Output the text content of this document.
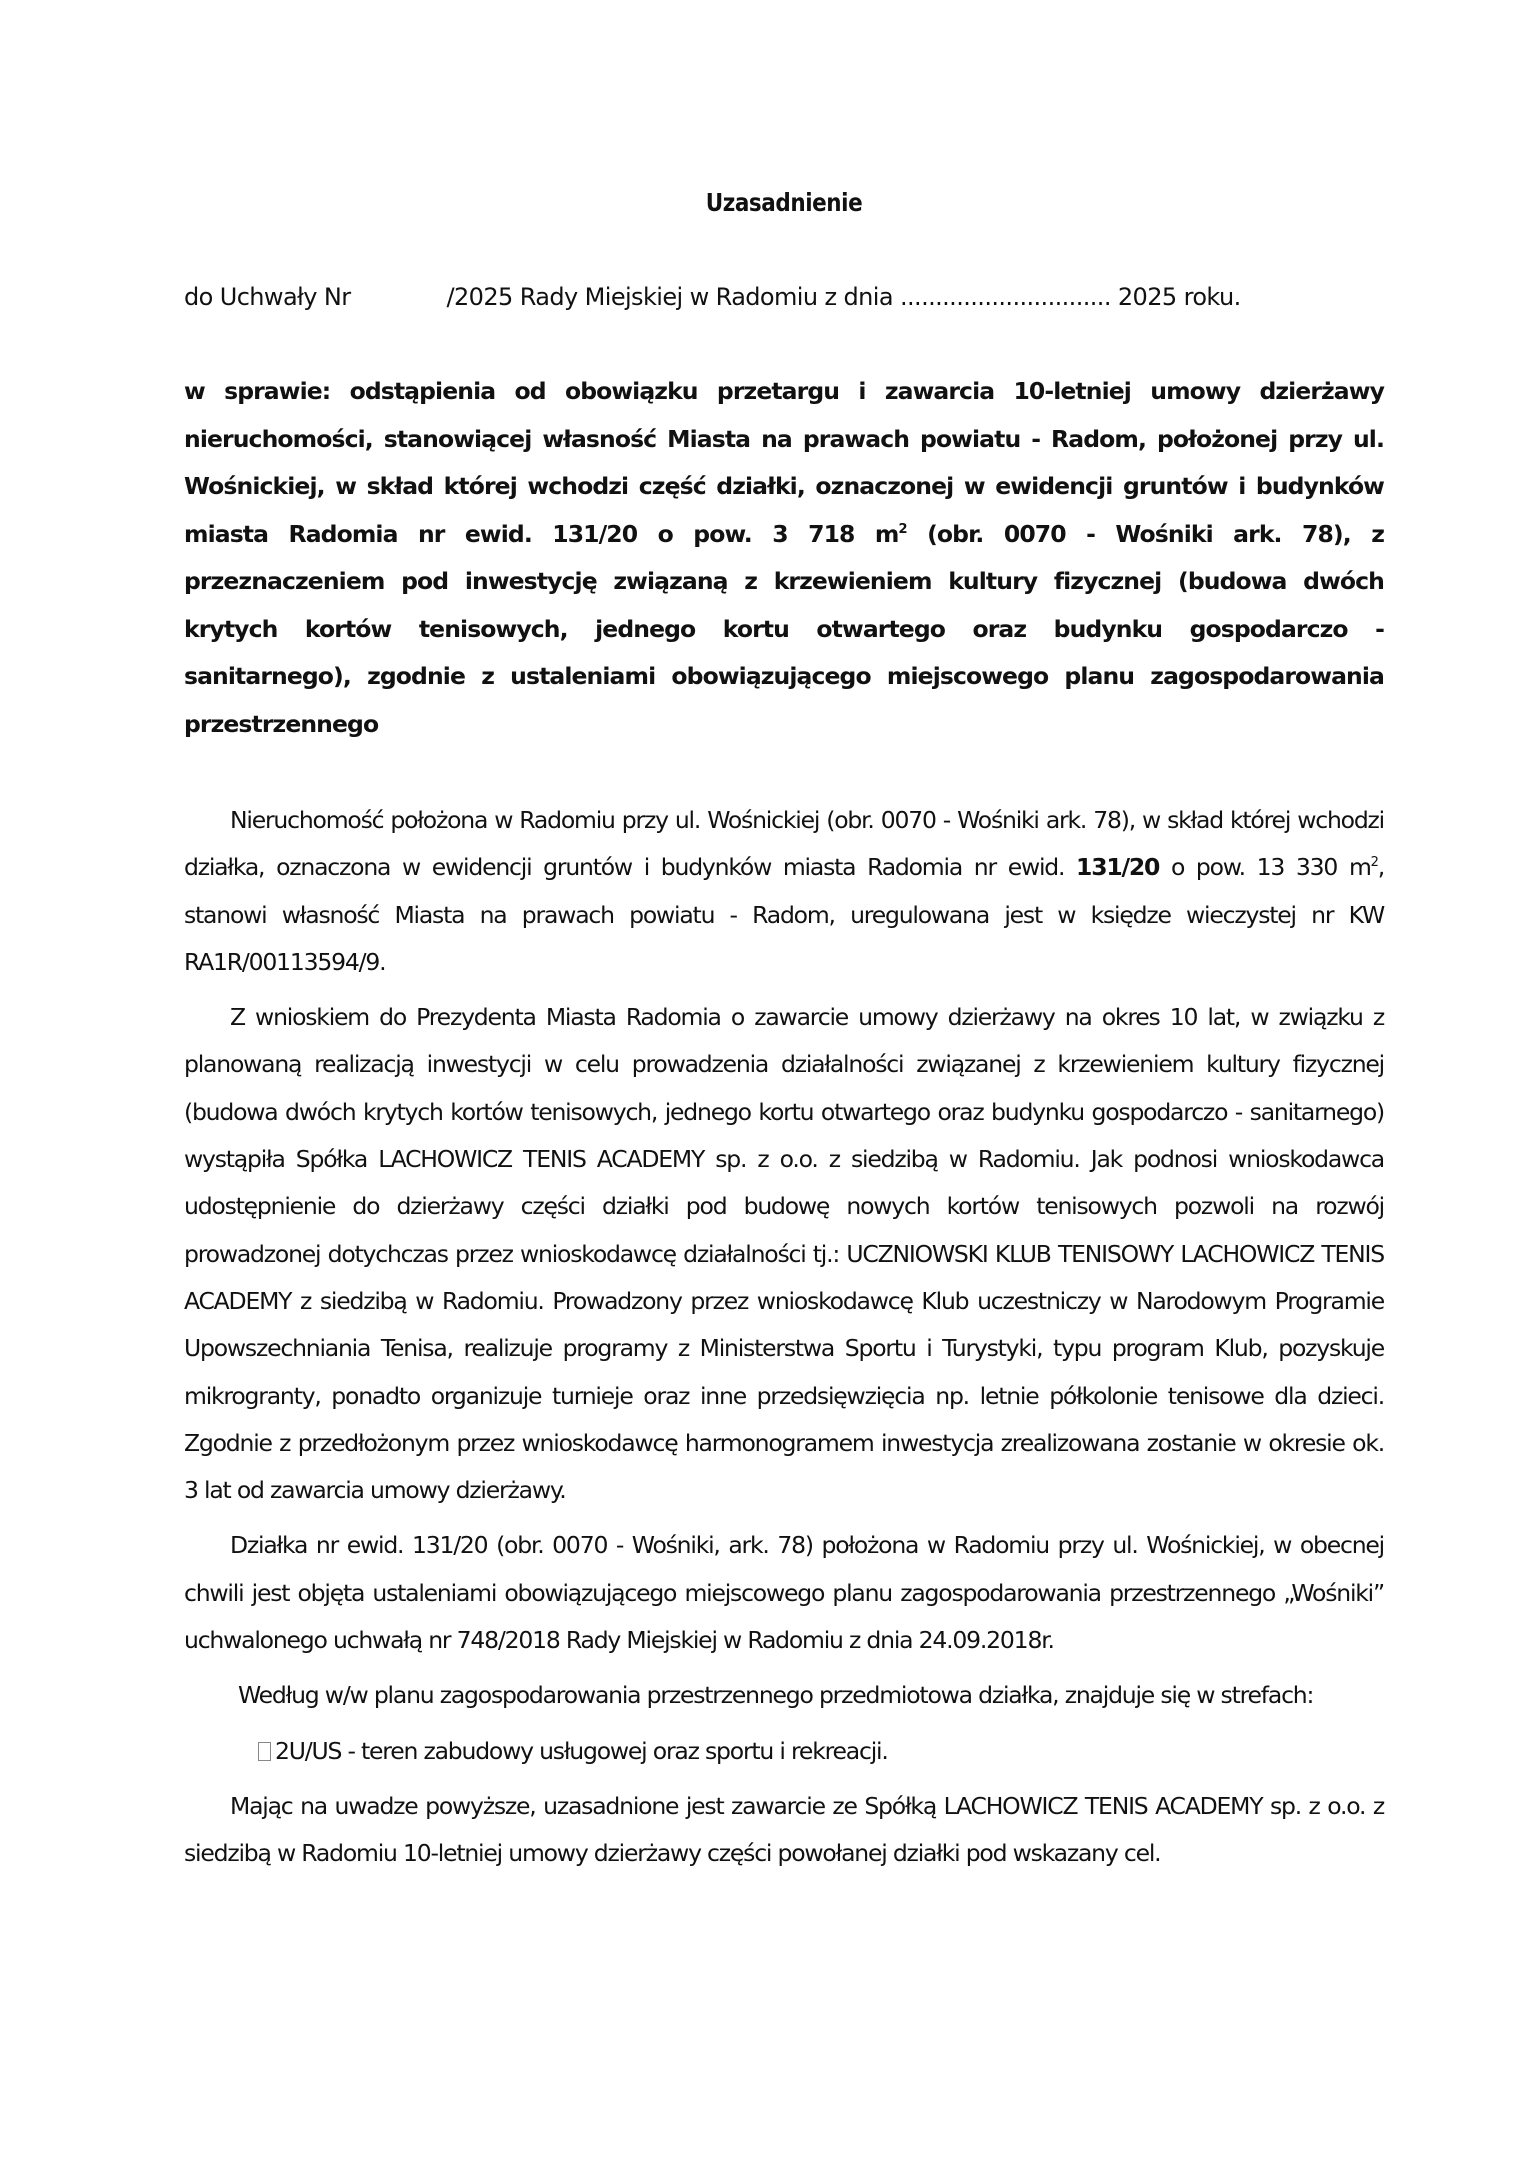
Uzasadnienie
do Uchwały Nr	/2025 Rady Miejskiej w Radomiu z dnia .............................. 2025 roku.
w sprawie: odstąpienia od obowiązku przetargu i zawarcia 10-letniej umowy dzierżawy nieruchomości, stanowiącej własność Miasta na prawach powiatu - Radom, położonej przy ul. Wośnickiej, w skład której wchodzi część działki, oznaczonej w ewidencji gruntów i budynków miasta Radomia nr ewid. 131/20 o pow. 3 718 $m^2$ (obr. 0070 - Wośniki ark. 78), z przeznaczeniem pod inwestycję związaną z krzewieniem kultury fizycznej (budowa dwóch krytych kortów tenisowych, jednego kortu otwartego oraz budynku gospodarczo - sanitarnego), zgodnie z ustaleniami obowiązującego miejscowego planu zagospodarowania przestrzennego

Nieruchomość położona w Radomiu przy ul. Wośnickiej (obr. 0070 - Wośniki ark. 78), w skład której wchodzi działka, oznaczona w ewidencji gruntów i budynków miasta Radomia nr ewid. 131/20 o pow. 13 330 $m^2$, stanowi własność Miasta na prawach powiatu - Radom, uregulowana jest w księdze wieczystej nr KW RA1R/00113594/9.

Z wnioskiem do Prezydenta Miasta Radomia o zawarcie umowy dzierżawy na okres 10 lat, w związku z planowaną realizacją inwestycji w celu prowadzenia działalności związanej z krzewieniem kultury fizycznej (budowa dwóch krytych kortów tenisowych, jednego kortu otwartego oraz budynku gospodarczo - sanitarnego) wystąpiła Spółka LACHOWICZ TENIS ACADEMY sp. z o.o. z siedzibą w Radomiu. Jak podnosi wnioskodawca udostępnienie do dzierżawy części działki pod budowę nowych kortów tenisowych pozwoli na rozwój prowadzonej dotychczas przez wnioskodawcę działalności tj.: UCZNIOWSKI KLUB TENISOWY LACHOWICZ TENIS ACADEMY z siedzibą w Radomiu. Prowadzony przez wnioskodawcę Klub uczestniczy w Narodowym Programie Upowszechniania Tenisa, realizuje programy z Ministerstwa Sportu i Turystyki, typu program Klub, pozyskuje mikrogranty, ponadto organizuje turnieje oraz inne przedsięwzięcia np. letnie półkolonie tenisowe dla dzieci. Zgodnie z przedłożonym przez wnioskodawcę harmonogramem inwestycja zrealizowana zostanie w okresie ok. 3 lat od zawarcia umowy dzierżawy.

Działka nr ewid. 131/20 (obr. 0070 - Wośniki, ark. 78) położona w Radomiu przy ul. Wośnickiej, w obecnej chwili jest objęta ustaleniami obowiązującego miejscowego planu zagospodarowania przestrzennego „Wośniki” uchwalonego uchwałą nr 748/2018 Rady Miejskiej w Radomiu z dnia 24.09.2018r.

Według w/w planu zagospodarowania przestrzennego przedmiotowa działka, znajduje się w strefach:

2U/US - teren zabudowy usługowej oraz sportu i rekreacji.

Mając na uwadze powyższe, uzasadnione jest zawarcie ze Spółką LACHOWICZ TENIS ACADEMY sp. z o.o. z siedzibą w Radomiu 10-letniej umowy dzierżawy części powołanej działki pod wskazany cel.
